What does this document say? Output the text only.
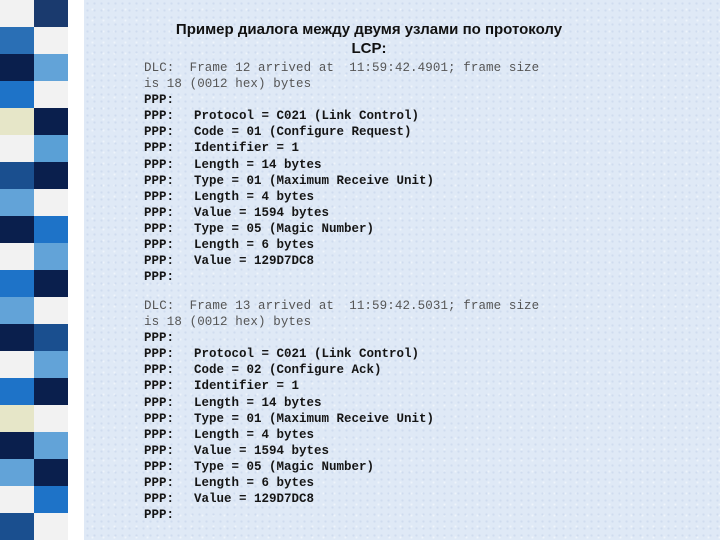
Пример диалога между двумя узлами по протоколу
LCP:
DLC:  Frame 12 arrived at  11:59:42.4901; frame size
is 18 (0012 hex) bytes
PPP:
PPP: Protocol = C021 (Link Control)
PPP: Code = 01 (Configure Request)
PPP: Identifier = 1
PPP: Length = 14 bytes
PPP: Type = 01 (Maximum Receive Unit)
PPP: Length = 4 bytes
PPP: Value = 1594 bytes
PPP: Type = 05 (Magic Number)
PPP: Length = 6 bytes
PPP: Value = 129D7DC8
PPP:
DLC:  Frame 13 arrived at  11:59:42.5031; frame size
is 18 (0012 hex) bytes
PPP:
PPP: Protocol = C021 (Link Control)
PPP: Code = 02 (Configure Ack)
PPP: Identifier = 1
PPP: Length = 14 bytes
PPP: Type = 01 (Maximum Receive Unit)
PPP: Length = 4 bytes
PPP: Value = 1594 bytes
PPP: Type = 05 (Magic Number)
PPP: Length = 6 bytes
PPP: Value = 129D7DC8
PPP:
